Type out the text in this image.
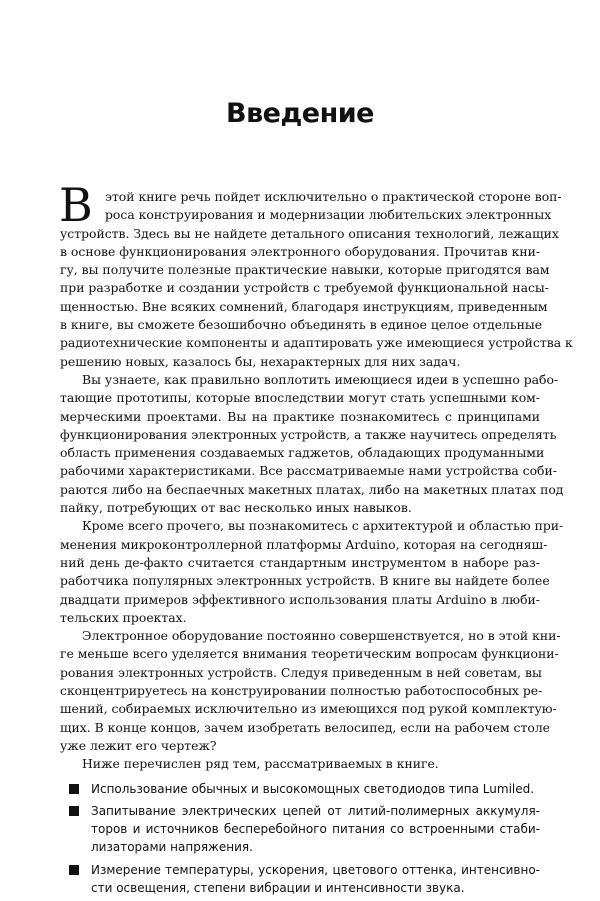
Введение
В этой книге речь пойдет исключительно о практической стороне воп-
роса конструирования и модернизации любительских электронных
устройств. Здесь вы не найдете детального описания технологий, лежащих
в основе функционирования электронного оборудования. Прочитав кни-
гу, вы получите полезные практические навыки, которые пригодятся вам
при разработке и создании устройств с требуемой функциональной насы-
щенностью. Вне всяких сомнений, благодаря инструкциям, приведенным
в книге, вы сможете безошибочно объединять в единое целое отдельные
радиотехнические компоненты и адаптировать уже имеющиеся устройства к
решению новых, казалось бы, нехарактерных для них задач.
Вы узнаете, как правильно воплотить имеющиеся идеи в успешно рабо-
тающие прототипы, которые впоследствии могут стать успешными ком-
мерческими проектами. Вы на практике познакомитесь с принципами
функционирования электронных устройств, а также научитесь определять
область применения создаваемых гаджетов, обладающих продуманными
рабочими характеристиками. Все рассматриваемые нами устройства соби-
раются либо на беспаечных макетных платах, либо на макетных платах под
пайку, потребующих от вас несколько иных навыков.
Кроме всего прочего, вы познакомитесь с архитектурой и областью при-
менения микроконтроллерной платформы Arduino, которая на сегодняш-
ний день де-факто считается стандартным инструментом в наборе раз-
работчика популярных электронных устройств. В книге вы найдете более
двадцати примеров эффективного использования платы Arduino в люби-
тельских проектах.
Электронное оборудование постоянно совершенствуется, но в этой кни-
ге меньше всего уделяется внимания теоретическим вопросам функциони-
рования электронных устройств. Следуя приведенным в ней советам, вы
сконцентрируетесь на конструировании полностью работоспособных ре-
шений, собираемых исключительно из имеющихся под рукой комплектую-
щих. В конце концов, зачем изобретать велосипед, если на рабочем столе
уже лежит его чертеж?
Ниже перечислен ряд тем, рассматриваемых в книге.
Использование обычных и высокомощных светодиодов типа Lumiled.
Запитывание электрических цепей от литий-полимерных аккумуля-
торов и источников бесперебойного питания со встроенными стаби-
лизаторами напряжения.
Измерение температуры, ускорения, цветового оттенка, интенсивно-
сти освещения, степени вибрации и интенсивности звука.
